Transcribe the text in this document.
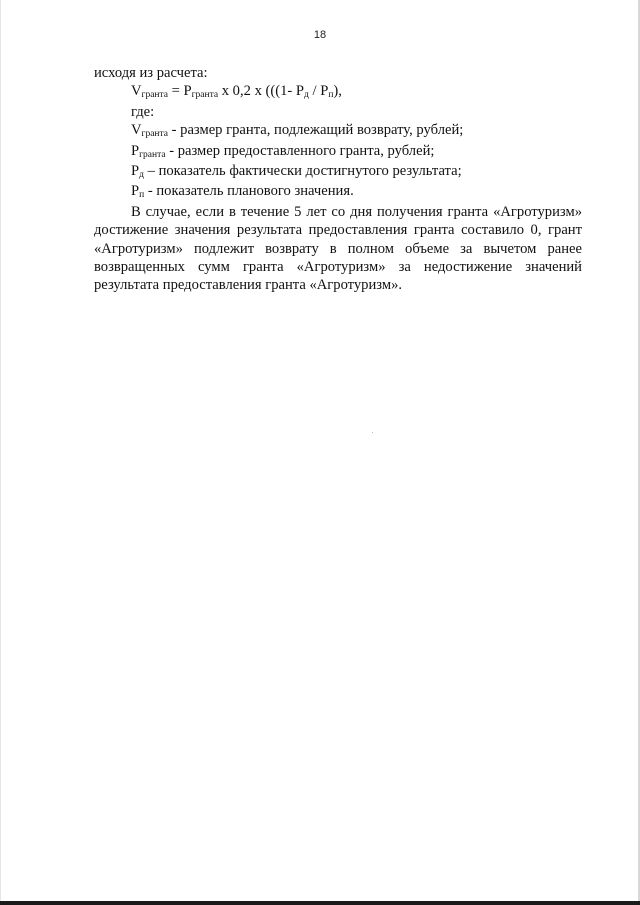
18

исходя из расчета:

$V_{гранта} = P_{гранта}$ x 0,2 x (((1- $P_д / P_п$),

где:

$V_{гранта}$ - размер гранта, подлежащий возврату, рублей;

$P_{гранта}$ - размер предоставленного гранта, рублей;

$P_д$ – показатель фактически достигнутого результата;

$P_п$ - показатель планового значения.

В случае, если в течение 5 лет со дня получения гранта «Агротуризм» достижение значения результата предоставления гранта составило 0, грант «Агротуризм» подлежит возврату в полном объеме за вычетом ранее возвращенных сумм гранта «Агротуризм» за недостижение значений результата предоставления гранта «Агротуризм».
